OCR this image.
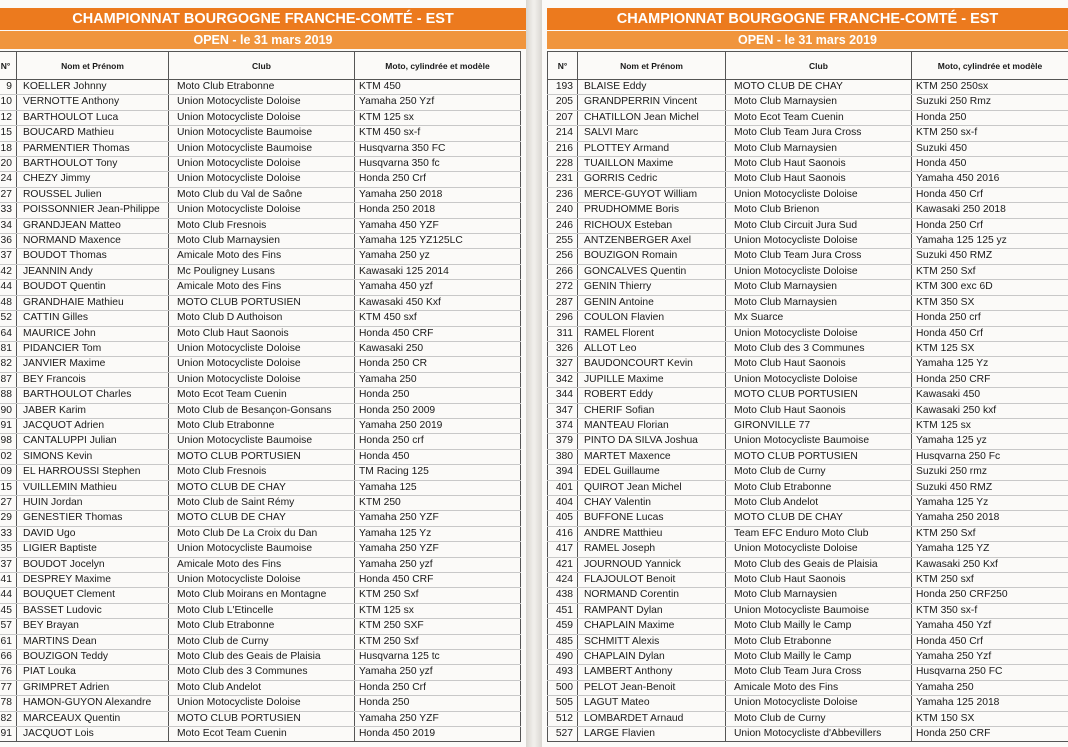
CHAMPIONNAT BOURGOGNE FRANCHE-COMTÉ - EST
OPEN - le 31 mars 2019
N°	Nom et Prénom	Club	Moto, cylindrée et modèle
9	KOELLER Johnny	Moto Club Etrabonne	KTM 450
10	VERNOTTE Anthony	Union Motocycliste Doloise	Yamaha 250 Yzf
12	BARTHOULOT Luca	Union Motocycliste Doloise	KTM 125 sx
15	BOUCARD Mathieu	Union Motocycliste Baumoise	KTM 450 sx-f
18	PARMENTIER Thomas	Union Motocycliste Baumoise	Husqvarna 350 FC
20	BARTHOULOT Tony	Union Motocycliste Doloise	Husqvarna 350 fc
24	CHEZY Jimmy	Union Motocycliste Doloise	Honda 250 Crf
27	ROUSSEL Julien	Moto Club du Val de Saône	Yamaha 250 2018
33	POISSONNIER Jean-Philippe	Union Motocycliste Doloise	Honda 250 2018
34	GRANDJEAN Matteo	Moto Club Fresnois	Yamaha 450 YZF
36	NORMAND Maxence	Moto Club Marnaysien	Yamaha 125 YZ125LC
37	BOUDOT Thomas	Amicale Moto des Fins	Yamaha 250 yz
42	JEANNIN Andy	Mc Pouligney Lusans	Kawasaki 125 2014
44	BOUDOT Quentin	Amicale Moto des Fins	Yamaha 450 yzf
48	GRANDHAIE Mathieu	MOTO CLUB PORTUSIEN	Kawasaki 450 Kxf
52	CATTIN Gilles	Moto Club D Authoison	KTM 450 sxf
64	MAURICE John	Moto Club Haut Saonois	Honda 450 CRF
81	PIDANCIER Tom	Union Motocycliste Doloise	Kawasaki 250
82	JANVIER Maxime	Union Motocycliste Doloise	Honda 250 CR
87	BEY Francois	Union Motocycliste Doloise	Yamaha 250
88	BARTHOULOT Charles	Moto Ecot Team Cuenin	Honda 250
90	JABER Karim	Moto Club de Besançon-Gonsans	Honda 250 2009
91	JACQUOT Adrien	Moto Club Etrabonne	Yamaha 250 2019
98	CANTALUPPI Julian	Union Motocycliste Baumoise	Honda 250 crf
02	SIMONS Kevin	MOTO CLUB PORTUSIEN	Honda 450
09	EL HARROUSSI Stephen	Moto Club Fresnois	TM Racing 125
15	VUILLEMIN Mathieu	MOTO CLUB DE CHAY	Yamaha 125
27	HUIN Jordan	Moto Club de Saint Rémy	KTM 250
29	GENESTIER Thomas	MOTO CLUB DE CHAY	Yamaha 250 YZF
33	DAVID Ugo	Moto Club De La Croix du Dan	Yamaha 125 Yz
35	LIGIER Baptiste	Union Motocycliste Baumoise	Yamaha 250 YZF
37	BOUDOT Jocelyn	Amicale Moto des Fins	Yamaha 250 yzf
41	DESPREY Maxime	Union Motocycliste Doloise	Honda 450 CRF
44	BOUQUET Clement	Moto Club Moirans en Montagne	KTM 250 Sxf
45	BASSET Ludovic	Moto Club L'Etincelle	KTM 125 sx
57	BEY Brayan	Moto Club Etrabonne	KTM 250 SXF
61	MARTINS Dean	Moto Club de Curny	KTM 250 Sxf
66	BOUZIGON Teddy	Moto Club des Geais de Plaisia	Husqvarna 125 tc
76	PIAT Louka	Moto Club des 3 Communes	Yamaha 250 yzf
77	GRIMPRET Adrien	Moto Club Andelot	Honda 250 Crf
78	HAMON-GUYON Alexandre	Union Motocycliste Doloise	Honda 250
82	MARCEAUX Quentin	MOTO CLUB PORTUSIEN	Yamaha 250 YZF
91	JACQUOT Lois	Moto Ecot Team Cuenin	Honda 450 2019
CHAMPIONNAT BOURGOGNE FRANCHE-COMTÉ - EST
OPEN - le 31 mars 2019
N°	Nom et Prénom	Club	Moto, cylindrée et modèle
193	BLAISE Eddy	MOTO CLUB DE CHAY	KTM 250 250sx
205	GRANDPERRIN Vincent	Moto Club Marnaysien	Suzuki 250 Rmz
207	CHATILLON Jean Michel	Moto Ecot Team Cuenin	Honda 250
214	SALVI Marc	Moto Club Team Jura Cross	KTM 250 sx-f
216	PLOTTEY Armand	Moto Club Marnaysien	Suzuki 450
228	TUAILLON Maxime	Moto Club Haut Saonois	Honda 450
231	GORRIS Cedric	Moto Club Haut Saonois	Yamaha 450 2016
236	MERCE-GUYOT William	Union Motocycliste Doloise	Honda 450 Crf
240	PRUDHOMME Boris	Moto Club Brienon	Kawasaki 250 2018
246	RICHOUX Esteban	Moto Club Circuit Jura Sud	Honda 250 Crf
255	ANTZENBERGER Axel	Union Motocycliste Doloise	Yamaha 125 125 yz
256	BOUZIGON Romain	Moto Club Team Jura Cross	Suzuki 450 RMZ
266	GONCALVES Quentin	Union Motocycliste Doloise	KTM 250 Sxf
272	GENIN Thierry	Moto Club Marnaysien	KTM 300 exc 6D
287	GENIN Antoine	Moto Club Marnaysien	KTM 350 SX
296	COULON Flavien	Mx Suarce	Honda 250 crf
311	RAMEL Florent	Union Motocycliste Doloise	Honda 450 Crf
326	ALLOT Leo	Moto Club des 3 Communes	KTM 125 SX
327	BAUDONCOURT Kevin	Moto Club Haut Saonois	Yamaha 125 Yz
342	JUPILLE Maxime	Union Motocycliste Doloise	Honda 250 CRF
344	ROBERT Eddy	MOTO CLUB PORTUSIEN	Kawasaki 450
347	CHERIF Sofian	Moto Club Haut Saonois	Kawasaki 250 kxf
374	MANTEAU Florian	GIRONVILLE 77	KTM 125 sx
379	PINTO DA SILVA Joshua	Union Motocycliste Baumoise	Yamaha 125 yz
380	MARTET Maxence	MOTO CLUB PORTUSIEN	Husqvarna 250 Fc
394	EDEL Guillaume	Moto Club de Curny	Suzuki 250 rmz
401	QUIROT Jean Michel	Moto Club Etrabonne	Suzuki 450 RMZ
404	CHAY Valentin	Moto Club Andelot	Yamaha 125 Yz
405	BUFFONE Lucas	MOTO CLUB DE CHAY	Yamaha 250 2018
416	ANDRE Matthieu	Team EFC Enduro Moto Club	KTM 250 Sxf
417	RAMEL Joseph	Union Motocycliste Doloise	Yamaha 125 YZ
421	JOURNOUD Yannick	Moto Club des Geais de Plaisia	Kawasaki 250 Kxf
424	FLAJOULOT Benoit	Moto Club Haut Saonois	KTM 250 sxf
438	NORMAND Corentin	Moto Club Marnaysien	Honda 250 CRF250
451	RAMPANT Dylan	Union Motocycliste Baumoise	KTM 350 sx-f
459	CHAPLAIN Maxime	Moto Club Mailly le Camp	Yamaha 450 Yzf
485	SCHMITT Alexis	Moto Club Etrabonne	Honda 450 Crf
490	CHAPLAIN Dylan	Moto Club Mailly le Camp	Yamaha 250 Yzf
493	LAMBERT Anthony	Moto Club Team Jura Cross	Husqvarna 250 FC
500	PELOT Jean-Benoit	Amicale Moto des Fins	Yamaha 250
505	LAGUT Mateo	Union Motocycliste Doloise	Yamaha 125 2018
512	LOMBARDET Arnaud	Moto Club de Curny	KTM 150 SX
527	LARGE Flavien	Union Motocycliste d'Abbevillers	Honda 250 CRF
